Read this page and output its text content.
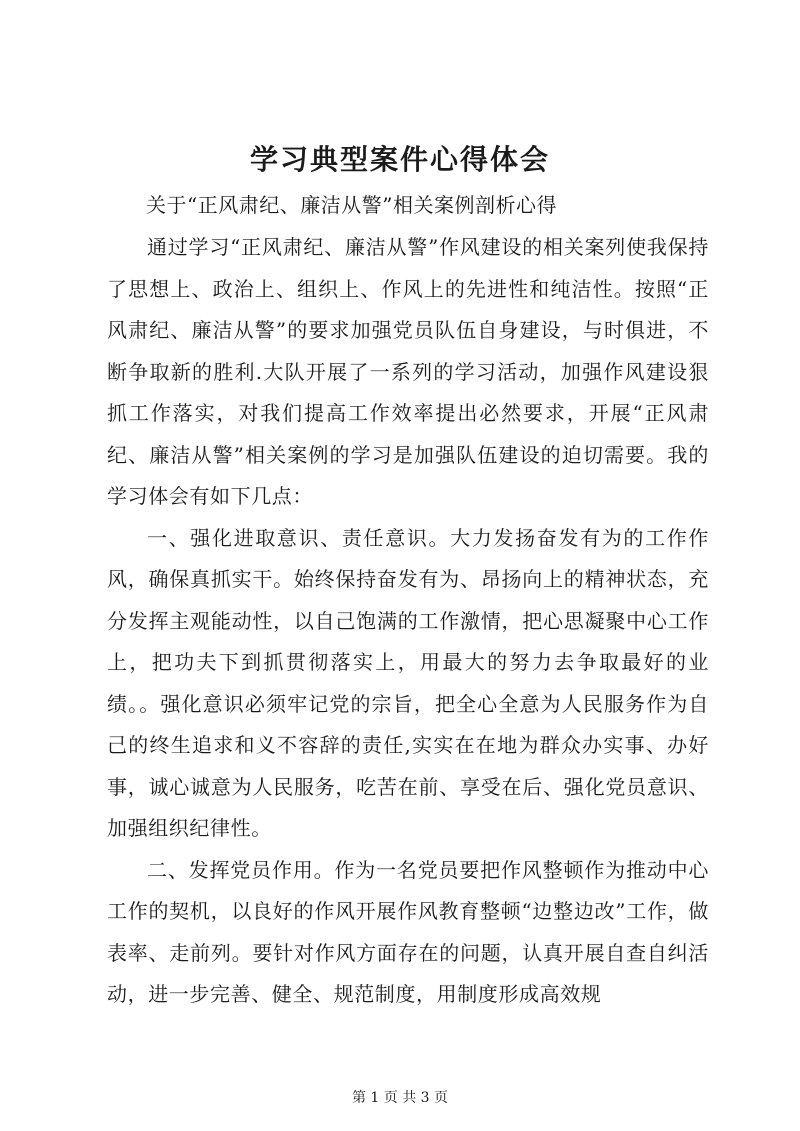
学习典型案件心得体会
关于“正风肃纪、廉洁从警”相关案例剖析心得

通过学习“正风肃纪、廉洁从警”作风建设的相关案列使我保持了思想上、政治上、组织上、作风上的先进性和纯洁性。按照“正风肃纪、廉洁从警”的要求加强党员队伍自身建设，与时俱进，不断争取新的胜利.大队开展了一系列的学习活动，加强作风建设狠抓工作落实，对我们提高工作效率提出必然要求，开展“正风肃纪、廉洁从警”相关案例的学习是加强队伍建设的迫切需要。我的学习体会有如下几点：

一、强化进取意识、责任意识。大力发扬奋发有为的工作作风，确保真抓实干。始终保持奋发有为、昂扬向上的精神状态，充分发挥主观能动性，以自己饱满的工作激情，把心思凝聚中心工作上，把功夫下到抓贯彻落实上，用最大的努力去争取最好的业绩。。强化意识必须牢记党的宗旨，把全心全意为人民服务作为自己的终生追求和义不容辞的责任,实实在在地为群众办实事、办好事，诚心诚意为人民服务，吃苦在前、享受在后、强化党员意识、加强组织纪律性。

二、发挥党员作用。作为一名党员要把作风整顿作为推动中心工作的契机，以良好的作风开展作风教育整顿“边整边改”工作，做表率、走前列。要针对作风方面存在的问题，认真开展自查自纠活动，进一步完善、健全、规范制度，用制度形成高效规

第 1 页 共 3 页
